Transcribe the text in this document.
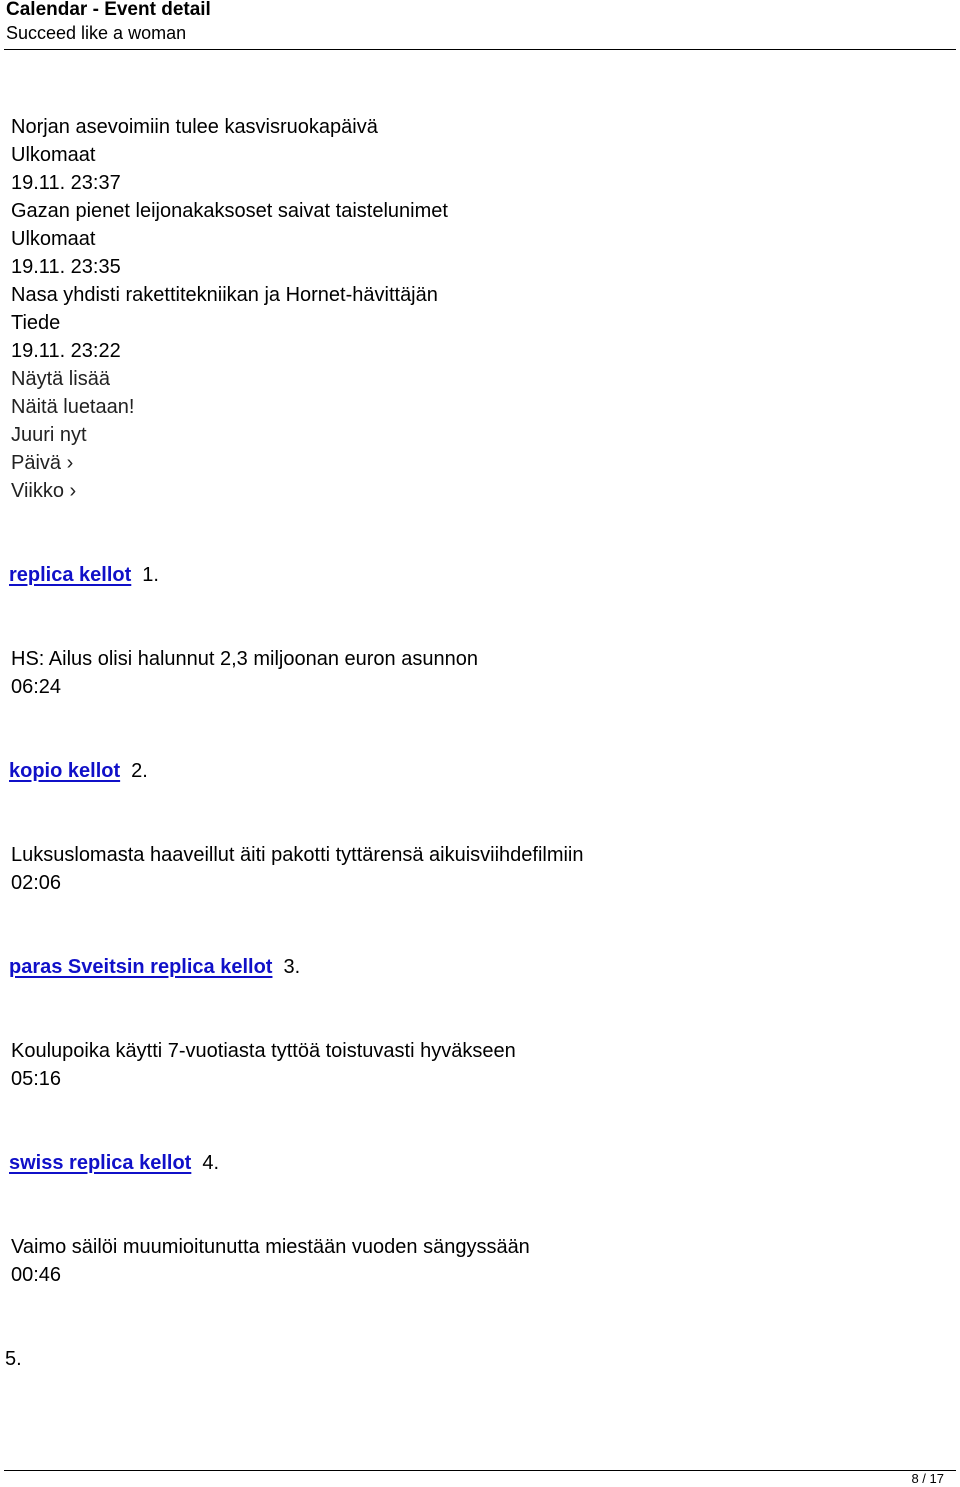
Calendar - Event detail
Succeed like a woman
Norjan asevoimiin tulee kasvisruokapäivä
Ulkomaat
19.11. 23:37
Gazan pienet leijonakaksoset saivat taistelunimet
Ulkomaat
19.11. 23:35
Nasa yhdisti rakettitekniikan ja Hornet-hävittäjän
Tiede
19.11. 23:22
Näytä lisää
Näitä luetaan!
Juuri nyt
Päivä ›
Viikko ›
replica kellot 1.
HS: Ailus olisi halunnut 2,3 miljoonan euron asunnon
06:24
kopio kellot 2.
Luksuslomasta haaveillut äiti pakotti tyttärensä aikuisviihdefilmiin
02:06
paras Sveitsin replica kellot 3.
Koulupoika käytti 7-vuotiasta tyttöä toistuvasti hyväkseen
05:16
swiss replica kellot 4.
Vaimo säilöi muumioitunutta miestään vuoden sängyssään
00:46
5.
8 / 17
